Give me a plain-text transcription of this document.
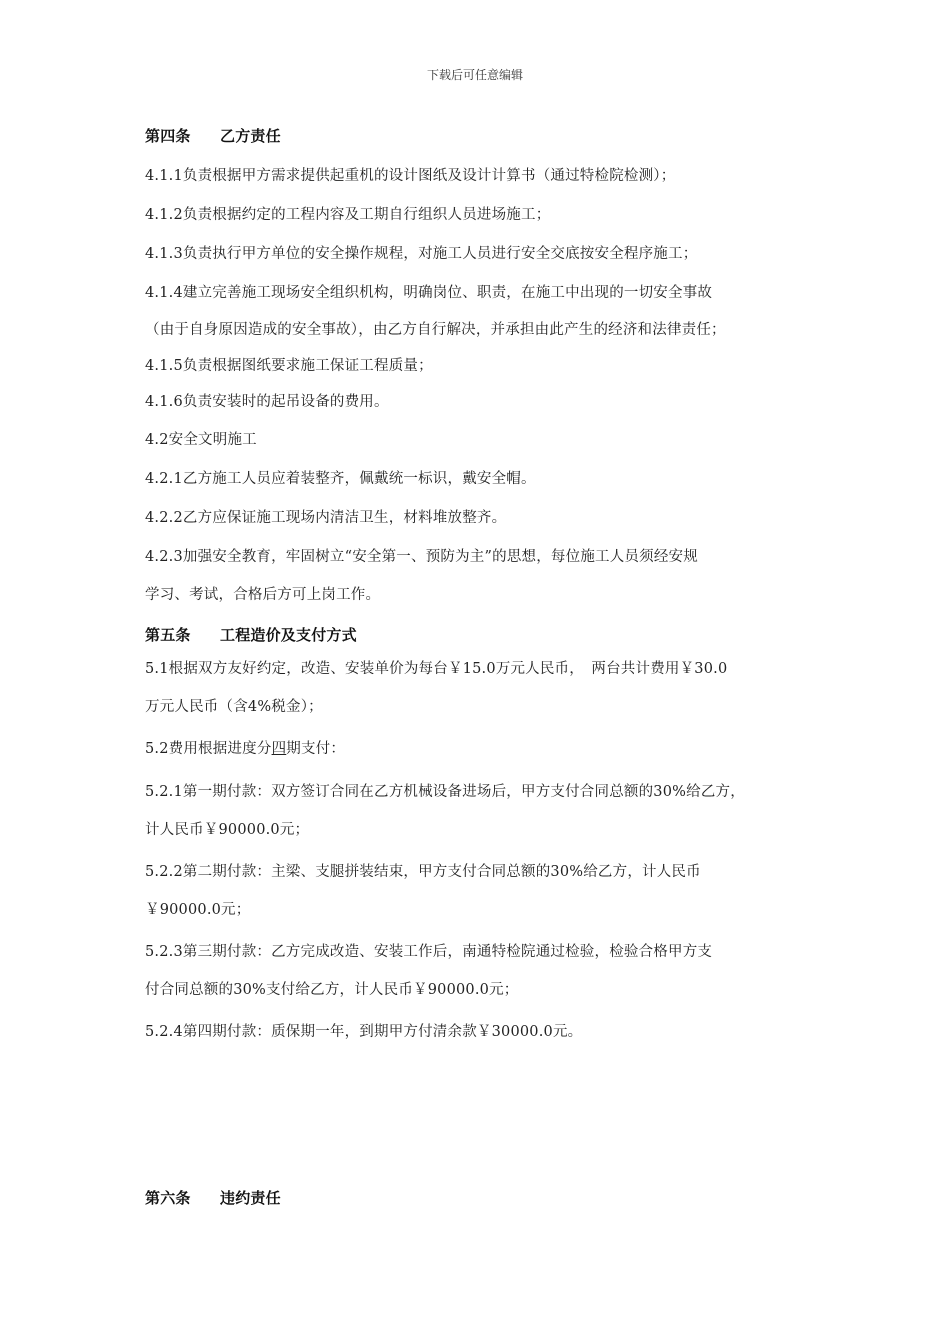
下载后可任意编辑
第四条 乙方责任
4.1.1负责根据甲方需求提供起重机的设计图纸及设计计算书（通过特检院检测）；
4.1.2负责根据约定的工程内容及工期自行组织人员进场施工；
4.1.3负责执行甲方单位的安全操作规程，对施工人员进行安全交底按安全程序施工；
4.1.4建立完善施工现场安全组织机构，明确岗位、职责，在施工中出现的一切安全事故
（由于自身原因造成的安全事故），由乙方自行解决，并承担由此产生的经济和法律责任；
4.1.5负责根据图纸要求施工保证工程质量；
4.1.6负责安装时的起吊设备的费用。
4.2安全文明施工
4.2.1乙方施工人员应着装整齐，佩戴统一标识，戴安全帽。
4.2.2乙方应保证施工现场内清洁卫生，材料堆放整齐。
4.2.3加强安全教育，牢固树立“安全第一、预防为主”的思想，每位施工人员须经安规
学习、考试，合格后方可上岗工作。
第五条 工程造价及支付方式
5.1根据双方友好约定，改造、安装单价为每台￥15.0万元人民币，　两台共计费用￥30.0
万元人民币（含4%税金）；
5.2费用根据进度分四期支付：
5.2.1第一期付款：双方签订合同在乙方机械设备进场后，甲方支付合同总额的30%给乙方，
计人民币￥90000.0元；
5.2.2第二期付款：主梁、支腿拼装结束，甲方支付合同总额的30%给乙方，计人民币
￥90000.0元；
5.2.3第三期付款：乙方完成改造、安装工作后，南通特检院通过检验，检验合格甲方支
付合同总额的30%支付给乙方，计人民币￥90000.0元；
5.2.4第四期付款：质保期一年，到期甲方付清余款￥30000.0元。
第六条 违约责任
